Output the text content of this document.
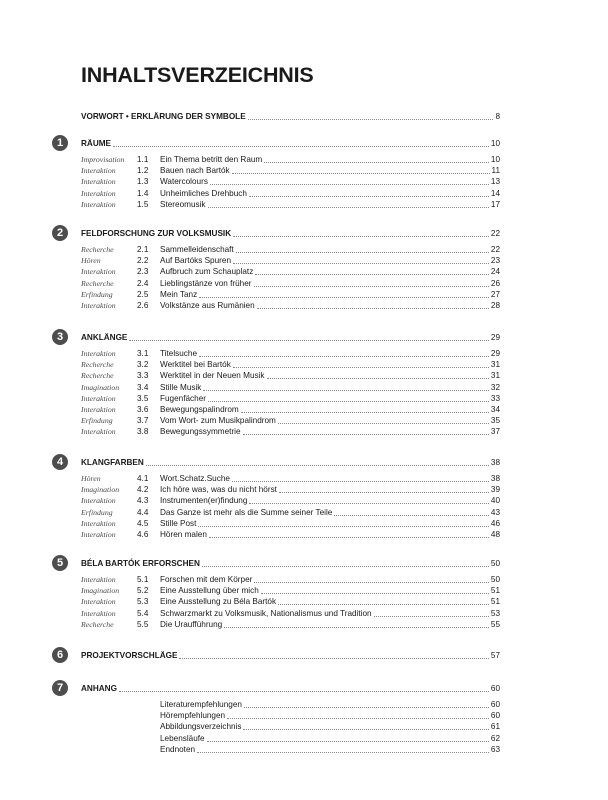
INHALTSVERZEICHNIS
VORWORT • ERKLÄRUNG DER SYMBOLE	8
1	RÄUME	10
Improvisation	1.1	Ein Thema betritt den Raum	10
Interaktion	1.2	Bauen nach Bartók	11
Interaktion	1.3	Watercolours	13
Interaktion	1.4	Unheimliches Drehbuch	14
Interaktion	1.5	Stereomusik	17
2	FELDFORSCHUNG ZUR VOLKSMUSIK	22
Recherche	2.1	Sammelleidenschaft	22
Hören	2.2	Auf Bartóks Spuren	23
Interaktion	2.3	Aufbruch zum Schauplatz	24
Recherche	2.4	Lieblingstänze von früher	26
Erfindung	2.5	Mein Tanz	27
Interaktion	2.6	Volkstänze aus Rumänien	28
3	ANKLÄNGE	29
Interaktion	3.1	Titelsuche	29
Recherche	3.2	Werktitel bei Bartók	31
Recherche	3.3	Werktitel in der Neuen Musik	31
Imagination	3.4	Stille Musik	32
Interaktion	3.5	Fugenfächer	33
Interaktion	3.6	Bewegungspalindrom	34
Erfindung	3.7	Vom Wort- zum Musikpalindrom	35
Interaktion	3.8	Bewegungssymmetrie	37
4	KLANGFARBEN	38
Hören	4.1	Wort.Schatz.Suche	38
Imagination	4.2	Ich höre was, was du nicht hörst	39
Interaktion	4.3	Instrumenten(er)findung	40
Erfindung	4.4	Das Ganze ist mehr als die Summe seiner Teile	43
Interaktion	4.5	Stille Post	46
Interaktion	4.6	Hören malen	48
5	BÉLA BARTÓK ERFORSCHEN	50
Interaktion	5.1	Forschen mit dem Körper	50
Imagination	5.2	Eine Ausstellung über mich	51
Interaktion	5.3	Eine Ausstellung zu Béla Bartók	51
Interaktion	5.4	Schwarzmarkt zu Volksmusik, Nationalismus und Tradition	53
Recherche	5.5	Die Uraufführung	55
6	PROJEKTVORSCHLÄGE	57
7	ANHANG	60
Literaturempfehlungen	60
Hörempfehlungen	60
Abbildungsverzeichnis	61
Lebensläufe	62
Endnoten	63
